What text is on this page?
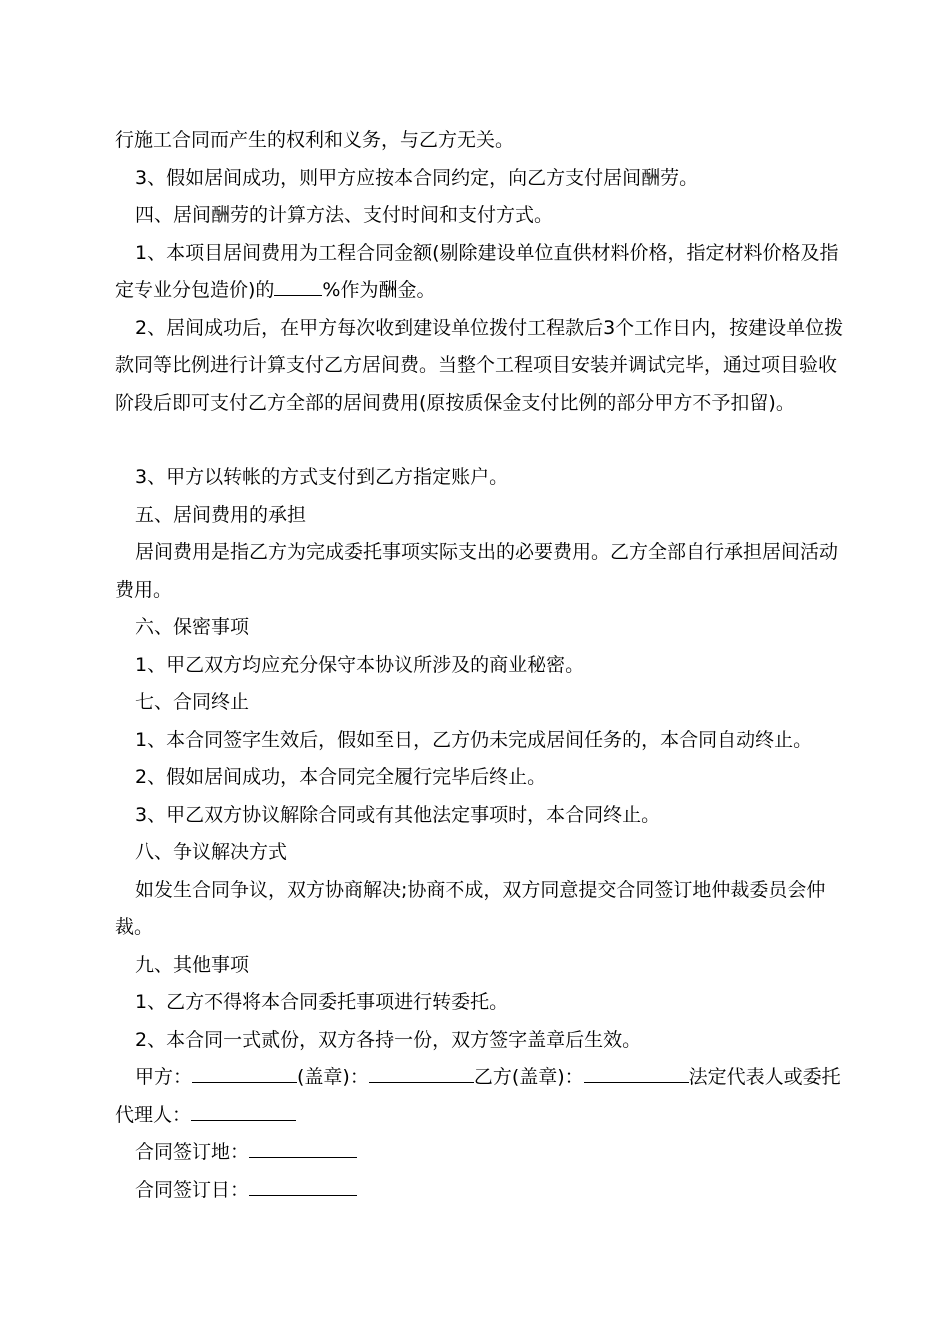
行施工合同而产生的权利和义务，与乙方无关。

3、假如居间成功，则甲方应按本合同约定，向乙方支付居间酬劳。

四、居间酬劳的计算方法、支付时间和支付方式。

1、本项目居间费用为工程合同金额(剔除建设单位直供材料价格，指定材料价格及指定专业分包造价)的	%作为酬金。

2、居间成功后，在甲方每次收到建设单位拨付工程款后3个工作日内，按建设单位拨款同等比例进行计算支付乙方居间费。当整个工程项目安装并调试完毕，通过项目验收阶段后即可支付乙方全部的居间费用(原按质保金支付比例的部分甲方不予扣留)。

3、甲方以转帐的方式支付到乙方指定账户。

五、居间费用的承担

居间费用是指乙方为完成委托事项实际支出的必要费用。乙方全部自行承担居间活动费用。

六、保密事项

1、甲乙双方均应充分保守本协议所涉及的商业秘密。

七、合同终止

1、本合同签字生效后，假如至日，乙方仍未完成居间任务的，本合同自动终止。

2、假如居间成功，本合同完全履行完毕后终止。

3、甲乙双方协议解除合同或有其他法定事项时，本合同终止。

八、争议解决方式

如发生合同争议，双方协商解决;协商不成，双方同意提交合同签订地仲裁委员会仲裁。

九、其他事项

1、乙方不得将本合同委托事项进行转委托。

2、本合同一式贰份，双方各持一份，双方签字盖章后生效。

甲方：	(盖章)：	乙方(盖章)：	法定代表人或委托代理人：

合同签订地：

合同签订日：
